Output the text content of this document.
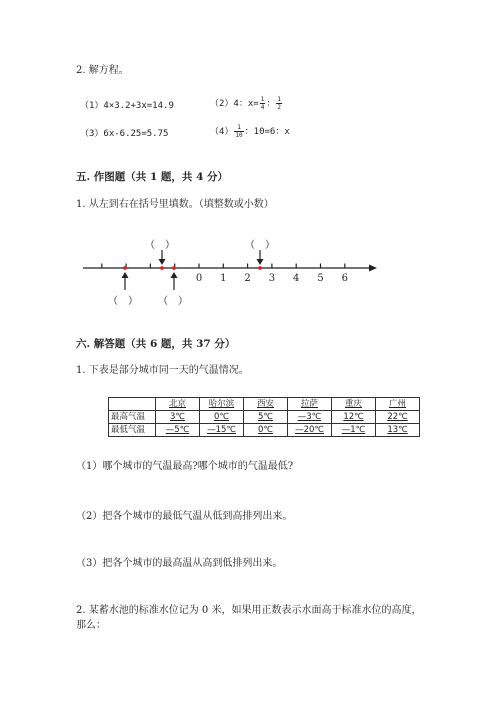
2. 解方程。
（1）4×3.2+3x=14.9	（2）4：$x= \frac{1}{4}$ ： $\frac{1}{2}$
（3）6x-6.25=5.75	$(4) \frac{1}{10}$ ：10=6：x
五. 作图题（共 1 题，共 4 分）
1. 从左到右在括号里填数。（填整数或小数）
0 1 2 3 4 5 6
（　）	（　）
（　） （　）
六. 解答题（共 6 题，共 37 分）
1. 下表是部分城市同一天的气温情况。
	北京	哈尔滨	西安	拉萨	重庆	广州
最高气温	3℃	0℃	5℃	—3℃	12℃	22℃
最低气温	—5℃	—15℃	0℃	—20℃	—1℃	13℃
（1）哪个城市的气温最高?哪个城市的气温最低?
（2）把各个城市的最低气温从低到高排列出来。
（3）把各个城市的最高温从高到低排列出来。
2. 某蓄水池的标准水位记为 0 米，如果用正数表示水面高于标准水位的高度，
那么：
